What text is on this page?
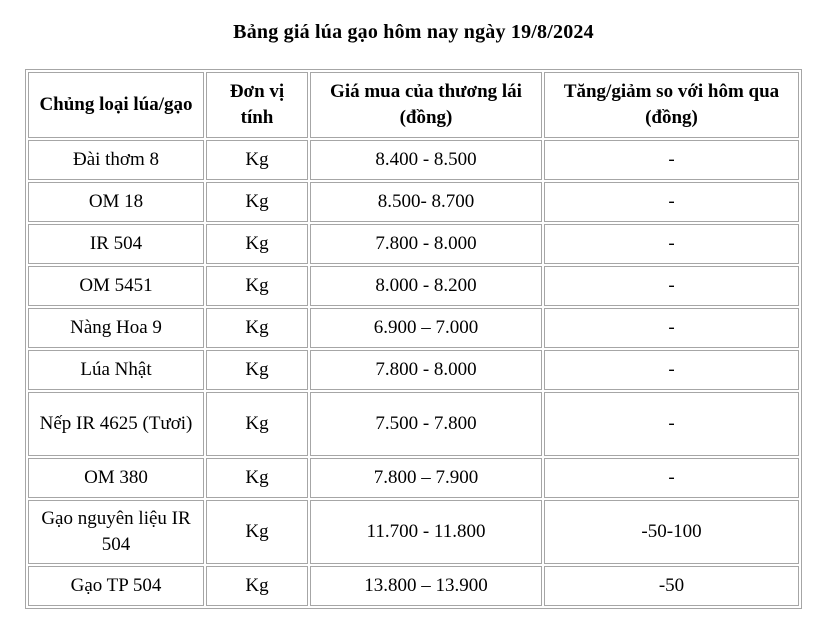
Bảng giá lúa gạo hôm nay ngày 19/8/2024
Chủng loại lúa/gạo	Đơn vị tính	Giá mua của thương lái (đồng)	Tăng/giảm so với hôm qua (đồng)
Đài thơm 8	Kg	8.400 - 8.500	-
OM 18	Kg	8.500- 8.700	-
IR 504	Kg	7.800 - 8.000	-
OM 5451	Kg	8.000 - 8.200	-
Nàng Hoa 9	Kg	6.900 – 7.000	-
Lúa Nhật	Kg	7.800 - 8.000	-
Nếp IR 4625 (Tươi)	Kg	7.500 - 7.800	-
OM 380	Kg	7.800 – 7.900	-
Gạo nguyên liệu IR 504	Kg	11.700 - 11.800	-50-100
Gạo TP 504	Kg	13.800 – 13.900	-50
